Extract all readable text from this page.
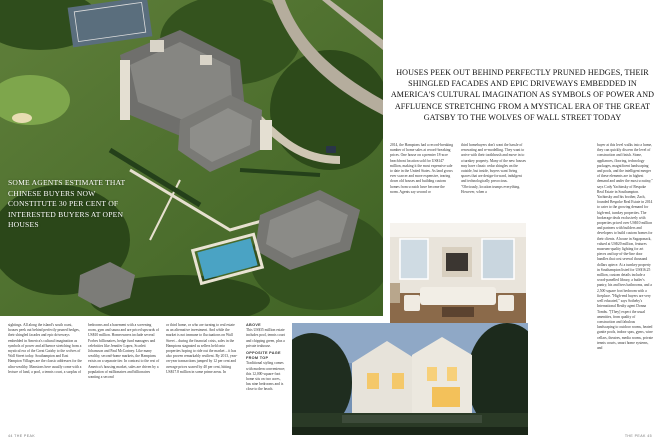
SOME AGENTS ESTIMATE THAT CHINESE BUYERS NOW CONSTITUTE 30 PER CENT OF INTERESTED BUYERS AT OPEN HOUSES
HOUSES PEEK OUT BEHIND PERFECTLY PRUNED HEDGES, THEIR SHINGLED FACADES AND EPIC DRIVEWAYS EMBEDDED IN AMERICA'S CULTURAL IMAGINATION AS SYMBOLS OF POWER AND AFFLUENCE STRETCHING FROM A MYSTICAL ERA OF THE GREAT GATSBY TO THE WOLVES OF WALL STREET TODAY

sightings. All along the island's south coast, houses peek out behind perfectly pruned hedges, their shingled facades and epic driveways embedded in America's cultural imagination as symbols of power and affluence stretching from a mystical era of the Great Gatsby to the wolves of Wall Street today. Southampton and East Hampton Villages are the classic addresses for the ultra-wealthy. Mansions here usually come with a lecture of land, a pool, a tennis court, a surplus of

bedrooms and a basement with a screening room, gym and sauna and are priced upwards of US$10 million. Homeowners include several Forbes billionaires, hedge fund managers and celebrities like Jennifer Lopez, Scarlett Johansson and Paul McCartney. Like many wealthy, second-home markets, the Hamptons exists on a separate tier. In contrast to the rest of America's housing market, sales are driven by a population of millionaires and billionaires wanting a second

or third home, or who are turning to real estate as an alternative investment. And while the market is not immune to fluctuations on Wall Street – during the financial crisis, sales in the Hamptons stagnated as sellers held onto properties hoping to ride out the market – it has also proven remarkably resilient. By 2013, year-on-year transactions jumped by 12 per cent and average prices soared by 40 per cent, hitting US$17.8 million in some prime areas. In

ABOVE
This US$35 million estate includes pool, tennis court and chipping green, plus a private teahouse.

OPPOSITE PAGE FROM TOP
Traditional styling comes with modern convenience; this 12,000-square-foot home sits on two acres, has nine bedrooms and is close to the beach.

2014, the Hamptons had a record-breaking number of home sales at record-breaking prices. One house on a premier 18-acre beachfront location sold for US$147 million, making it the most expensive sale to date in the United States. As land grows ever scarcer and more expensive, tearing down old houses and building custom homes from scratch have become the norm. Agents say second or

third homebuyers don't want the hassle of renovating and re-modelling. They want to arrive with their toothbrush and move in to a turnkey property. Many of the new houses may have classic cedar shingles on the outside, but inside, buyers want living spaces that are design-forward, indulgent and technologically precocious. "Obviously, location trumps everything. However, when a

buyer at this level walks into a home, they can quickly discern the level of construction and finish. Stone, appliances, flooring, technology packages, magnificent landscaping and pools, and the intelligent merger of these elements are in highest demand and under the most scrutiny," says Cody Yachinsky of Bespoke Real Estate in Southampton. Yachinsky and his brother, Zach, founded Bespoke Real Estate in 2014 to cater to the growing demand for high-end, turnkey properties. The brokerage deals exclusively with properties priced over US$10 million and partners with builders and developers to build custom homes for their clients. A house in Sagaponack, valued at US$20 million, features museum-quality lighting for art pieces and top-of-the-line door handles that cost several thousand dollars apiece. At a turnkey property in Southampton listed for US$16.25 million, custom details include a wood-panelled library, a butler's pantry, his and hers bathrooms, and a 2,500 square foot bedroom with a fireplace. "High-end buyers are very well educated," says Sotheby's International Realty agent Donna Tombs. "[They] expect the usual amenities, from quality of construction and fabulous landscaping to outdoor rooms, heated gunite pools, indoor spas, gyms, wine cellars, theatres, media rooms, private tennis courts, smart home systems, and

44 THE PEAK	THE PEAK 45
